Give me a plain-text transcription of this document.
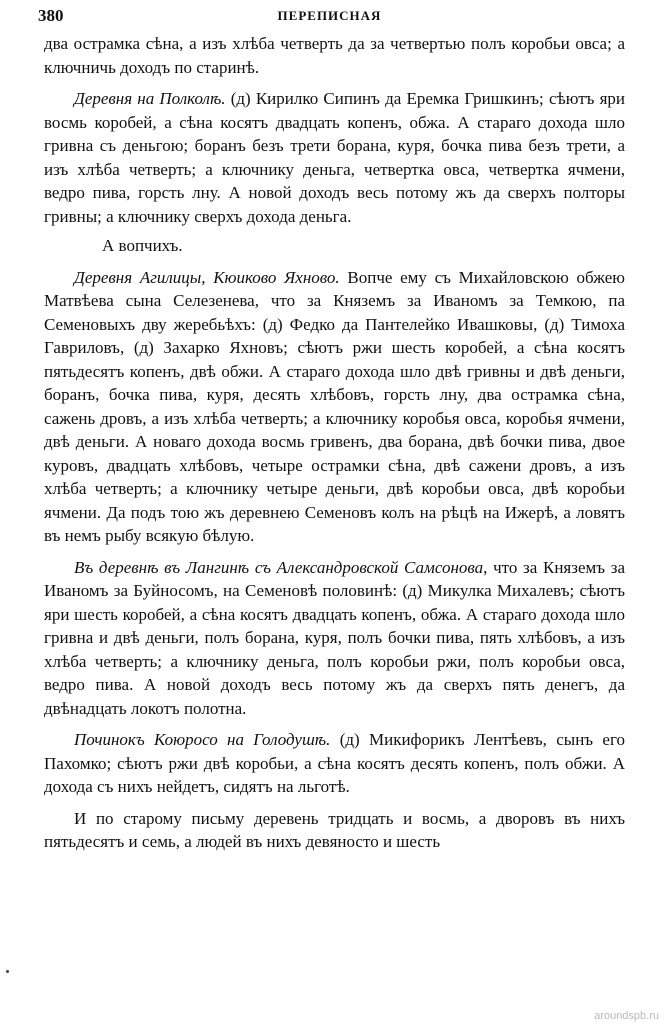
380	ПЕРЕПИСНАЯ

два острамка сѣна, а изъ хлѣба четверть да за четвертью полъ коробьи овса; а ключничь доходъ по старинѣ.

Деревня на Полколѣ. (д) Кирилко Сипинъ да Еремка Гришкинъ; сѣютъ яри восмь коробей, а сѣна косятъ двадцать копенъ, обжа. А стараго дохода шло гривна съ деньгою; боранъ безъ трети борана, куря, бочка пива безъ трети, а изъ хлѣба четверть; а ключнику деньга, четвертка овса, четвертка ячмени, ведро пива, горсть лну. А новой доходъ весь потому жъ да сверхъ полторы гривны; а ключнику сверхъ дохода деньга.

А вопчихъ.

Деревня Агилицы, Кюиково Яхново. Вопче ему съ Михайловскою обжею Матвѣева сына Селезенева, что за Княземъ за Иваномъ за Темкою, па Семеновыхъ дву жеребьѣхъ: (д) Федко да Пантелейко Ивашковы, (д) Тимоха Гавриловъ, (д) Захарко Яхновъ; сѣютъ ржи шесть коробей, а сѣна косятъ пятьдесятъ копенъ, двѣ обжи. А стараго дохода шло двѣ гривны и двѣ деньги, боранъ, бочка пива, куря, десять хлѣбовъ, горсть лну, два острамка сѣна, сажень дровъ, а изъ хлѣба четверть; а ключнику коробья овса, коробья ячмени, двѣ деньги. А новаго дохода восмь гривенъ, два борана, двѣ бочки пива, двое куровъ, двадцать хлѣбовъ, четыре острамки сѣна, двѣ сажени дровъ, а изъ хлѣба четверть; а ключнику четыре деньги, двѣ коробьи овса, двѣ коробьи ячмени. Да подъ тою жъ деревнею Семеновъ колъ на рѣцѣ на Ижерѣ, а ловятъ въ немъ рыбу всякую бѣлую.

Въ деревнѣ въ Лангинѣ съ Александровской Самсонова, что за Княземъ за Иваномъ за Буйносомъ, на Семеновѣ половинѣ: (д) Микулка Михалевъ; сѣютъ яри шесть коробей, а сѣна косятъ двадцать копенъ, обжа. А стараго дохода шло гривна и двѣ деньги, полъ борана, куря, полъ бочки пива, пять хлѣбовъ, а изъ хлѣба четверть; а ключнику деньга, полъ коробьи ржи, полъ коробьи овса, ведро пива. А новой доходъ весь потому жъ да сверхъ пять денегъ, да двѣнадцать локотъ полотна.

Починокъ Коюросо на Голодушѣ. (д) Микифорикъ Лентѣевъ, сынъ его Пахомко; сѣютъ ржи двѣ коробьи, а сѣна косятъ десять копенъ, полъ обжи. А дохода съ нихъ нейдетъ, сидятъ на льготѣ.

И по старому письму деревень тридцать и восмь, а дворовъ въ нихъ пятьдесятъ и семь, а людей въ нихъ девяносто и шесть

aroundspb.ru
